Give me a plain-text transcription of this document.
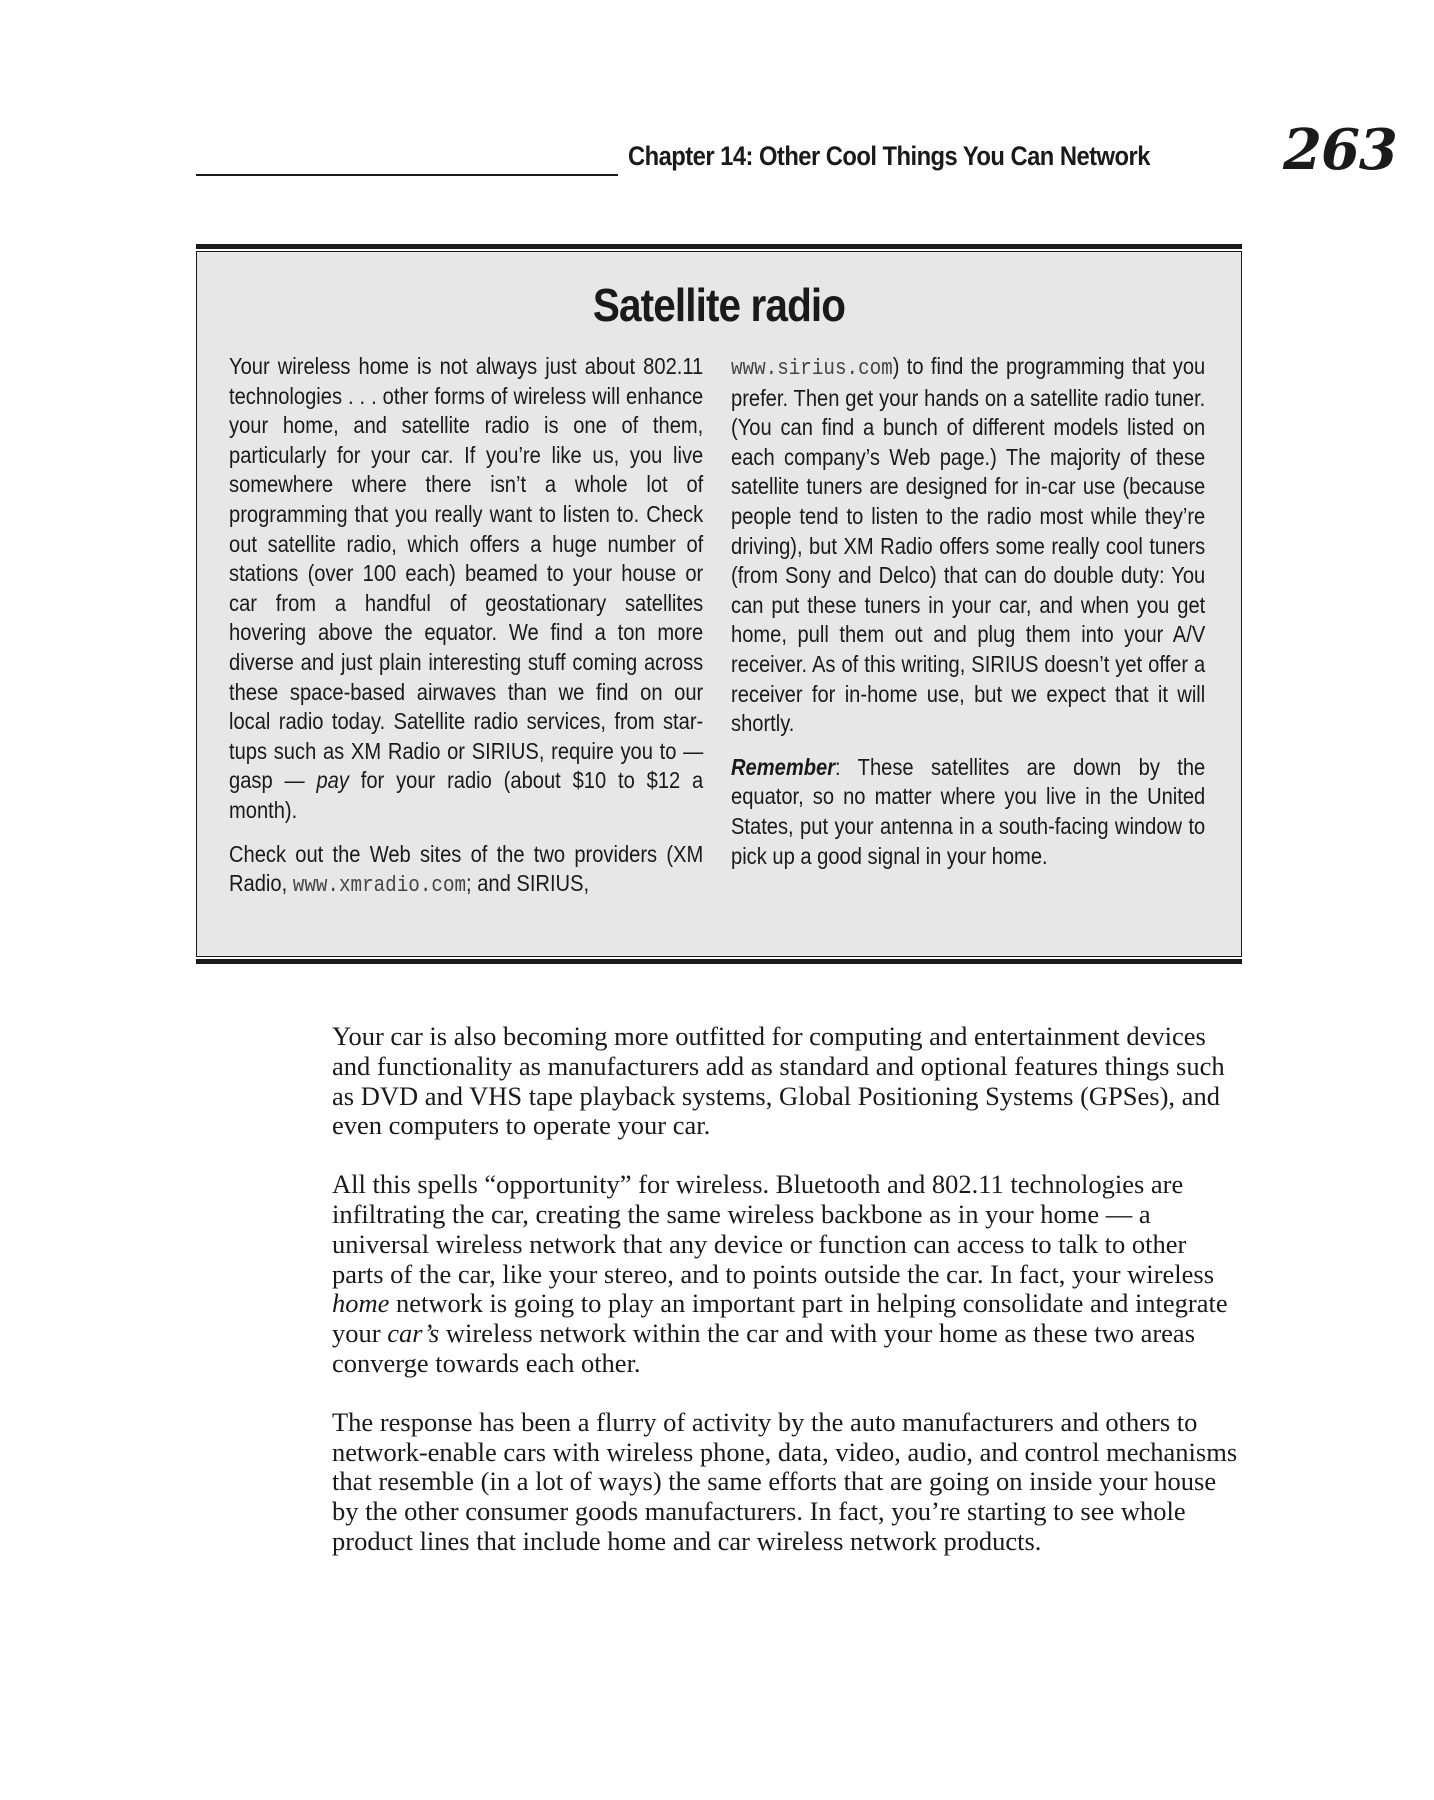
Chapter 14: Other Cool Things You Can Network 263
Satellite radio

Your wireless home is not always just about 802.11 technologies . . . other forms of wireless will enhance your home, and satellite radio is one of them, particularly for your car. If you’re like us, you live somewhere where there isn’t a whole lot of programming that you really want to listen to. Check out satellite radio, which offers a huge number of stations (over 100 each) beamed to your house or car from a handful of geostationary satellites hovering above the equator. We find a ton more diverse and just plain interesting stuff coming across these space-based airwaves than we find on our local radio today. Satellite radio services, from startups such as XM Radio or SIRIUS, require you to — gasp — pay for your radio (about $10 to $12 a month).

Check out the Web sites of the two providers (XM Radio, www.xmradio.com; and SIRIUS,

www.sirius.com) to find the programming that you prefer. Then get your hands on a satellite radio tuner. (You can find a bunch of different models listed on each company’s Web page.) The majority of these satellite tuners are designed for in-car use (because people tend to listen to the radio most while they’re driving), but XM Radio offers some really cool tuners (from Sony and Delco) that can do double duty: You can put these tuners in your car, and when you get home, pull them out and plug them into your A/V receiver. As of this writing, SIRIUS doesn’t yet offer a receiver for in-home use, but we expect that it will shortly.

Remember: These satellites are down by the equator, so no matter where you live in the United States, put your antenna in a south-facing window to pick up a good signal in your home.

Your car is also becoming more outfitted for computing and entertainment devices and functionality as manufacturers add as standard and optional features things such as DVD and VHS tape playback systems, Global Positioning Systems (GPSes), and even computers to operate your car.

All this spells “opportunity” for wireless. Bluetooth and 802.11 technologies are infiltrating the car, creating the same wireless backbone as in your home — a universal wireless network that any device or function can access to talk to other parts of the car, like your stereo, and to points outside the car. In fact, your wireless home network is going to play an important part in helping consolidate and integrate your car’s wireless network within the car and with your home as these two areas converge towards each other.

The response has been a flurry of activity by the auto manufacturers and others to network-enable cars with wireless phone, data, video, audio, and control mechanisms that resemble (in a lot of ways) the same efforts that are going on inside your house by the other consumer goods manufacturers. In fact, you’re starting to see whole product lines that include home and car wireless network products.
